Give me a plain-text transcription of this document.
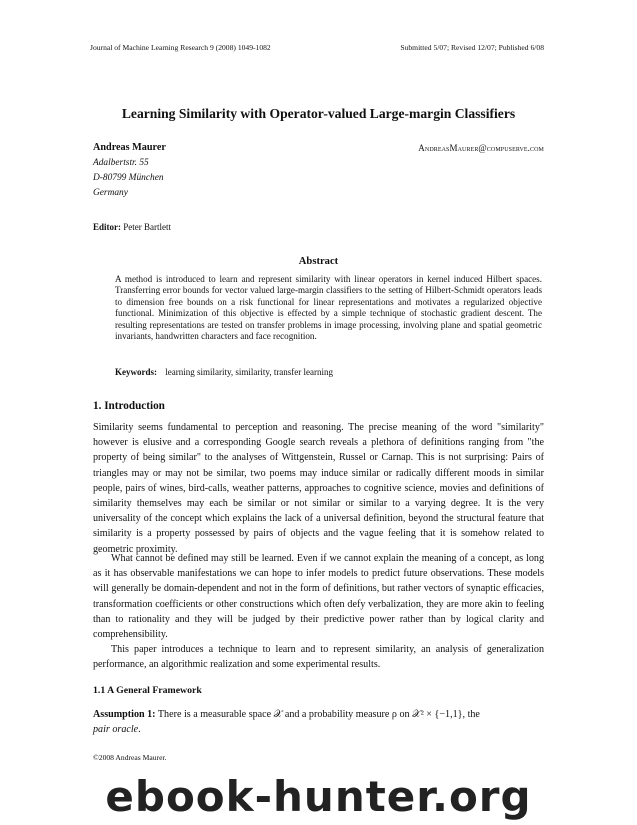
Journal of Machine Learning Research 9 (2008) 1049-1082	Submitted 5/07; Revised 12/07; Published 6/08
Learning Similarity with Operator-valued Large-margin Classifiers
Andreas Maurer	AndreasMaurer@compuserve.com
Adalbertstr. 55
D-80799 München
Germany
Editor: Peter Bartlett
Abstract
A method is introduced to learn and represent similarity with linear operators in kernel induced Hilbert spaces. Transferring error bounds for vector valued large-margin classifiers to the setting of Hilbert-Schmidt operators leads to dimension free bounds on a risk functional for linear representations and motivates a regularized objective functional. Minimization of this objective is effected by a simple technique of stochastic gradient descent. The resulting representations are tested on transfer problems in image processing, involving plane and spatial geometric invariants, handwritten characters and face recognition.
Keywords: learning similarity, similarity, transfer learning
1. Introduction

Similarity seems fundamental to perception and reasoning. The precise meaning of the word "similarity" however is elusive and a corresponding Google search reveals a plethora of definitions ranging from "the property of being similar" to the analyses of Wittgenstein, Russel or Carnap. This is not surprising: Pairs of triangles may or may not be similar, two poems may induce similar or radically different moods in similar people, pairs of wines, bird-calls, weather patterns, approaches to cognitive science, movies and definitions of similarity themselves may each be similar or not similar or similar to a varying degree. It is the very universality of the concept which explains the lack of a universal definition, beyond the structural feature that similarity is a property possessed by pairs of objects and the vague feeling that it is somehow related to geometric proximity.

What cannot be defined may still be learned. Even if we cannot explain the meaning of a concept, as long as it has observable manifestations we can hope to infer models to predict future observations. These models will generally be domain-dependent and not in the form of definitions, but rather vectors of synaptic efficacies, transformation coefficients or other constructions which often defy verbalization, they are more akin to feeling than to rationality and they will be judged by their predictive power rather than by logical clarity and comprehensibility.

This paper introduces a technique to learn and to represent similarity, an analysis of generalization performance, an algorithmic realization and some experimental results.

1.1 A General Framework
Assumption 1: There is a measurable space 𝒳 and a probability measure ρ on 𝒳² × {−1,1}, the
pair oracle.
©2008 Andreas Maurer.
ebook-hunter.org
